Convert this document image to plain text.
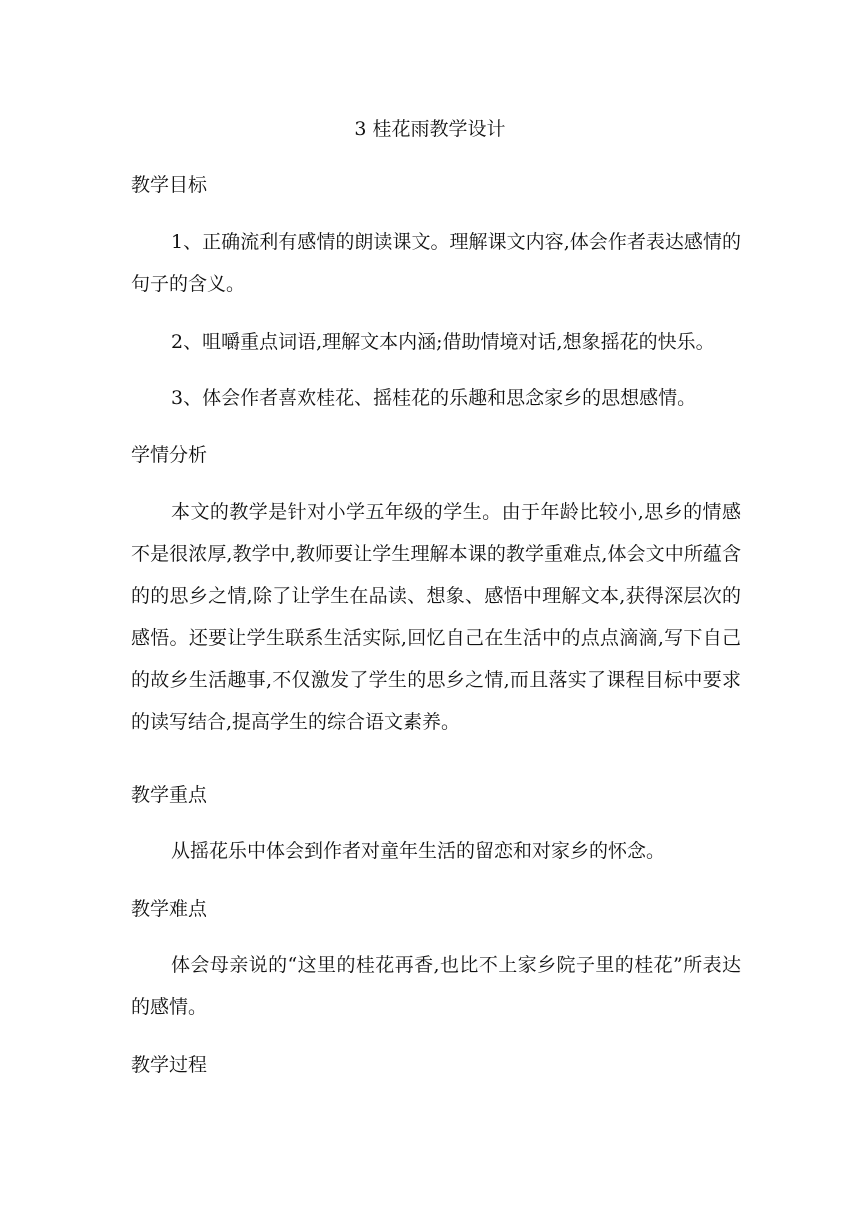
3 桂花雨教学设计
教学目标

1、正确流利有感情的朗读课文。理解课文内容,体会作者表达感情的句子的含义。

2、咀嚼重点词语,理解文本内涵;借助情境对话,想象摇花的快乐。

3、体会作者喜欢桂花、摇桂花的乐趣和思念家乡的思想感情。

学情分析

本文的教学是针对小学五年级的学生。由于年龄比较小,思乡的情感不是很浓厚,教学中,教师要让学生理解本课的教学重难点,体会文中所蕴含的的思乡之情,除了让学生在品读、想象、感悟中理解文本,获得深层次的感悟。还要让学生联系生活实际,回忆自己在生活中的点点滴滴,写下自己的故乡生活趣事,不仅激发了学生的思乡之情,而且落实了课程目标中要求的读写结合,提高学生的综合语文素养。

教学重点

从摇花乐中体会到作者对童年生活的留恋和对家乡的怀念。

教学难点

体会母亲说的“这里的桂花再香,也比不上家乡院子里的桂花”所表达的感情。

教学过程
